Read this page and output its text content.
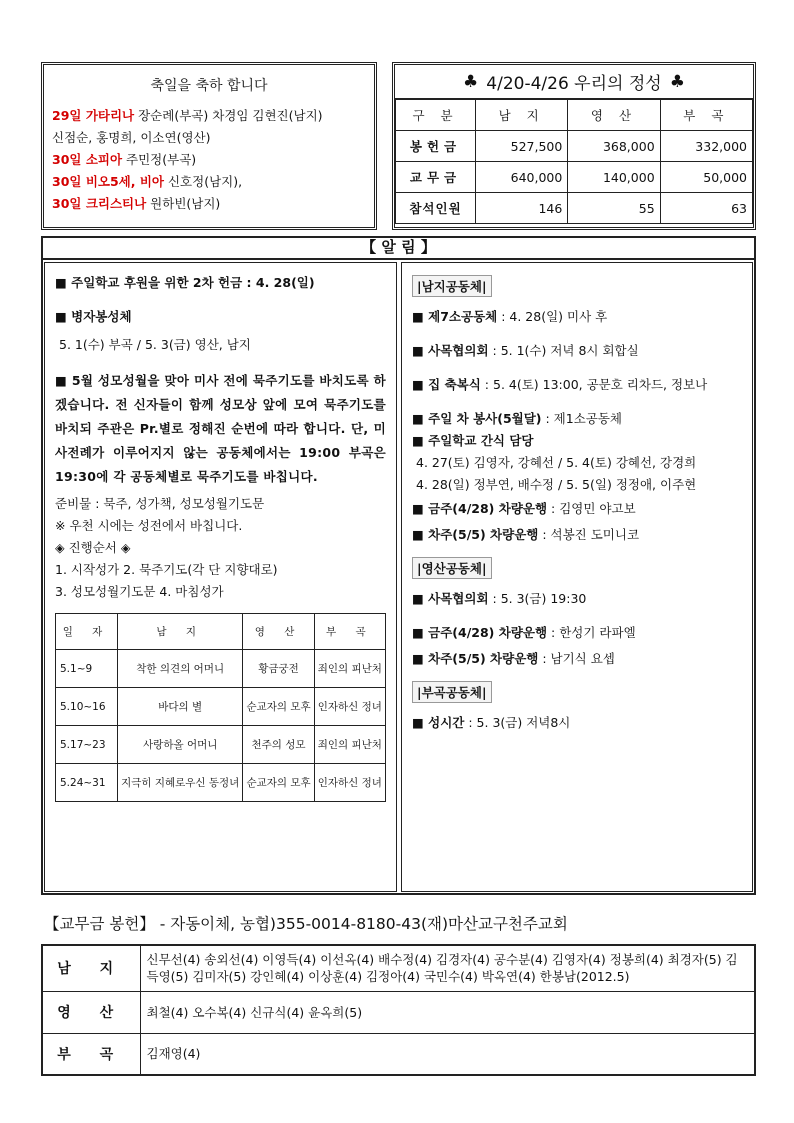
축일을 축하 합니다
29일 가타리나 장순례(부곡) 차경임 김현진(남지)
신점순, 홍명희, 이소연(영산)
30일 소피아 주민정(부곡)
30일 비오5세, 비아 신호정(남지),
30일 크리스티나 원하빈(남지)
♣ 4/20-4/26 우리의 정성 ♣
구 분	남 지	영 산	부 곡
봉헌금	527,500	368,000	332,000
교무금	640,000	140,000	50,000
참석인원	146	55	63
【 알 림 】
■ 주일학교 후원을 위한 2차 헌금 : 4. 28(일)
■ 병자봉성체
5. 1(수) 부곡 / 5. 3(금) 영산, 남지
■ 5월 성모성월을 맞아 미사 전에 묵주기도를 바치도록 하겠습니다. 전 신자들이 함께 성모상 앞에 모여 묵주기도를 바치되 주관은 Pr.별로 정해진 순번에 따라 합니다. 단, 미사전례가 이루어지지 않는 공동체에서는 19:00 부곡은 19:30에 각 공동체별로 묵주기도를 바칩니다.
준비물 : 묵주, 성가책, 성모성월기도문
※ 우천 시에는 성전에서 바칩니다.
◈ 진행순서 ◈
1. 시작성가 2. 묵주기도(각 단 지향대로)
3. 성모성월기도문 4. 마침성가
일 자	남 지	영 산	부 곡
5.1~9	착한 의견의 어머니	황금궁전	죄인의 피난처
5.10~16	바다의 별	순교자의 모후	인자하신 정녀
5.17~23	사랑하올 어머니	천주의 성모	죄인의 피난처
5.24~31	지극히 지혜로우신 동정녀	순교자의 모후	인자하신 정녀
|남지공동체|
■ 제7소공동체 : 4. 28(일) 미사 후
■ 사목협의회 : 5. 1(수) 저녁 8시 회합실
■ 집 축복식 : 5. 4(토) 13:00, 공문호 리차드, 정보나
■ 주일 차 봉사(5월달) : 제1소공동체
■ 주일학교 간식 담당
4. 27(토) 김영자, 강혜선 / 5. 4(토) 강혜선, 강경희
4. 28(일) 정부연, 배수정 / 5. 5(일) 정정애, 이주현
■ 금주(4/28) 차량운행 : 김영민 야고보
■ 차주(5/5) 차량운행 : 석봉진 도미니코
|영산공동체|
■ 사목협의회 : 5. 3(금) 19:30
■ 금주(4/28) 차량운행 : 한성기 라파엘
■ 차주(5/5) 차량운행 : 남기식 요셉
|부곡공동체|
■ 성시간 : 5. 3(금) 저녁8시
【교무금 봉헌】 - 자동이체, 농협)355-0014-8180-43(재)마산교구천주교회
남 지	신무선(4) 송외선(4) 이영득(4) 이선옥(4) 배수정(4) 김경자(4) 공수분(4) 김영자(4) 정봉희(4) 최경자(5) 김득영(5) 김미자(5) 강인혜(4) 이상훈(4) 김정아(4) 국민수(4) 박옥연(4) 한봉남(2012.5)
영 산	최철(4) 오수복(4) 신규식(4) 윤옥희(5)
부 곡	김재영(4)
